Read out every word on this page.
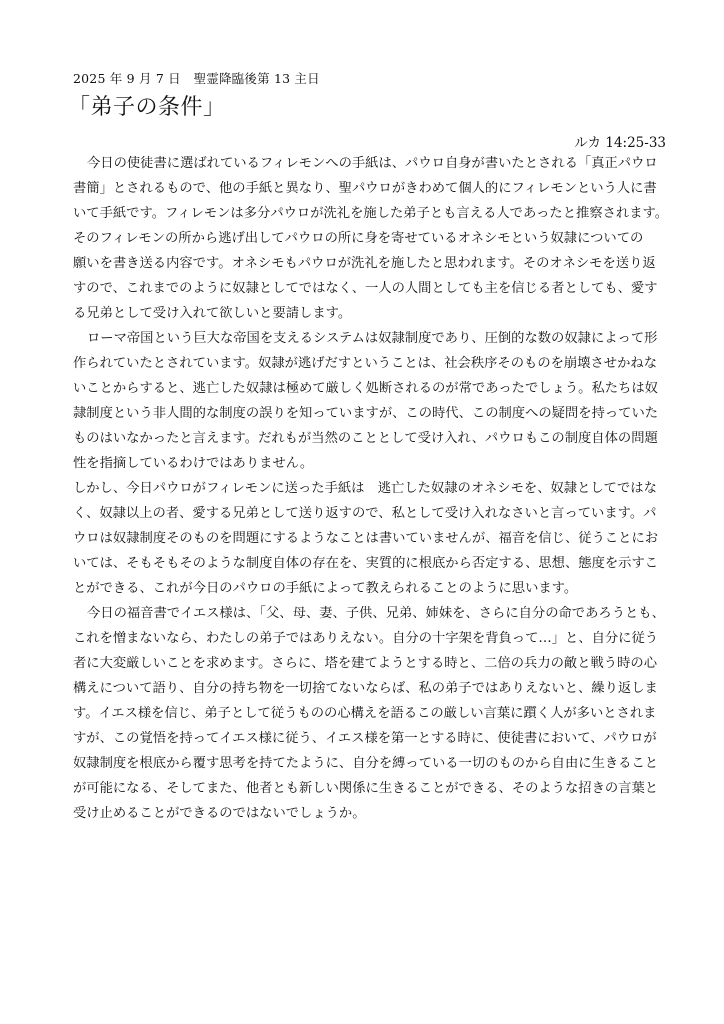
2025 年 9 月 7 日　聖霊降臨後第 13 主日
「弟子の条件」
ルカ 14:25-33
今日の使徒書に選ばれているフィレモンへの手紙は、パウロ自身が書いたとされる「真正パウロ
書簡」とされるもので、他の手紙と異なり、聖パウロがきわめて個人的にフィレモンという人に書
いて手紙です。フィレモンは多分パウロが洗礼を施した弟子とも言える人であったと推察されます。
そのフィレモンの所から逃げ出してパウロの所に身を寄せているオネシモという奴隷についての
願いを書き送る内容です。オネシモもパウロが洗礼を施したと思われます。そのオネシモを送り返
すので、これまでのように奴隷としてではなく、一人の人間としても主を信じる者としても、愛す
る兄弟として受け入れて欲しいと要請します。
ローマ帝国という巨大な帝国を支えるシステムは奴隷制度であり、圧倒的な数の奴隷によって形
作られていたとされています。奴隷が逃げだすということは、社会秩序そのものを崩壊させかねな
いことからすると、逃亡した奴隷は極めて厳しく処断されるのが常であったでしょう。私たちは奴
隷制度という非人間的な制度の誤りを知っていますが、この時代、この制度への疑問を持っていた
ものはいなかったと言えます。だれもが当然のこととして受け入れ、パウロもこの制度自体の問題
性を指摘しているわけではありません。
しかし、今日パウロがフィレモンに送った手紙は　逃亡した奴隷のオネシモを、奴隷としてではな
く、奴隷以上の者、愛する兄弟として送り返すので、私として受け入れなさいと言っています。パ
ウロは奴隷制度そのものを問題にするようなことは書いていませんが、福音を信じ、従うことにお
いては、そもそもそのような制度自体の存在を、実質的に根底から否定する、思想、態度を示すこ
とができる、これが今日のパウロの手紙によって教えられることのように思います。
今日の福音書でイエス様は、「父、母、妻、子供、兄弟、姉妹を、さらに自分の命であろうとも、
これを憎まないなら、わたしの弟子ではありえない。自分の十字架を背負って…」と、自分に従う
者に大変厳しいことを求めます。さらに、塔を建てようとする時と、二倍の兵力の敵と戦う時の心
構えについて語り、自分の持ち物を一切捨てないならば、私の弟子ではありえないと、繰り返しま
す。イエス様を信じ、弟子として従うものの心構えを語るこの厳しい言葉に躓く人が多いとされま
すが、この覚悟を持ってイエス様に従う、イエス様を第一とする時に、使徒書において、パウロが
奴隷制度を根底から覆す思考を持てたように、自分を縛っている一切のものから自由に生きること
が可能になる、そしてまた、他者とも新しい関係に生きることができる、そのような招きの言葉と
受け止めることができるのではないでしょうか。
